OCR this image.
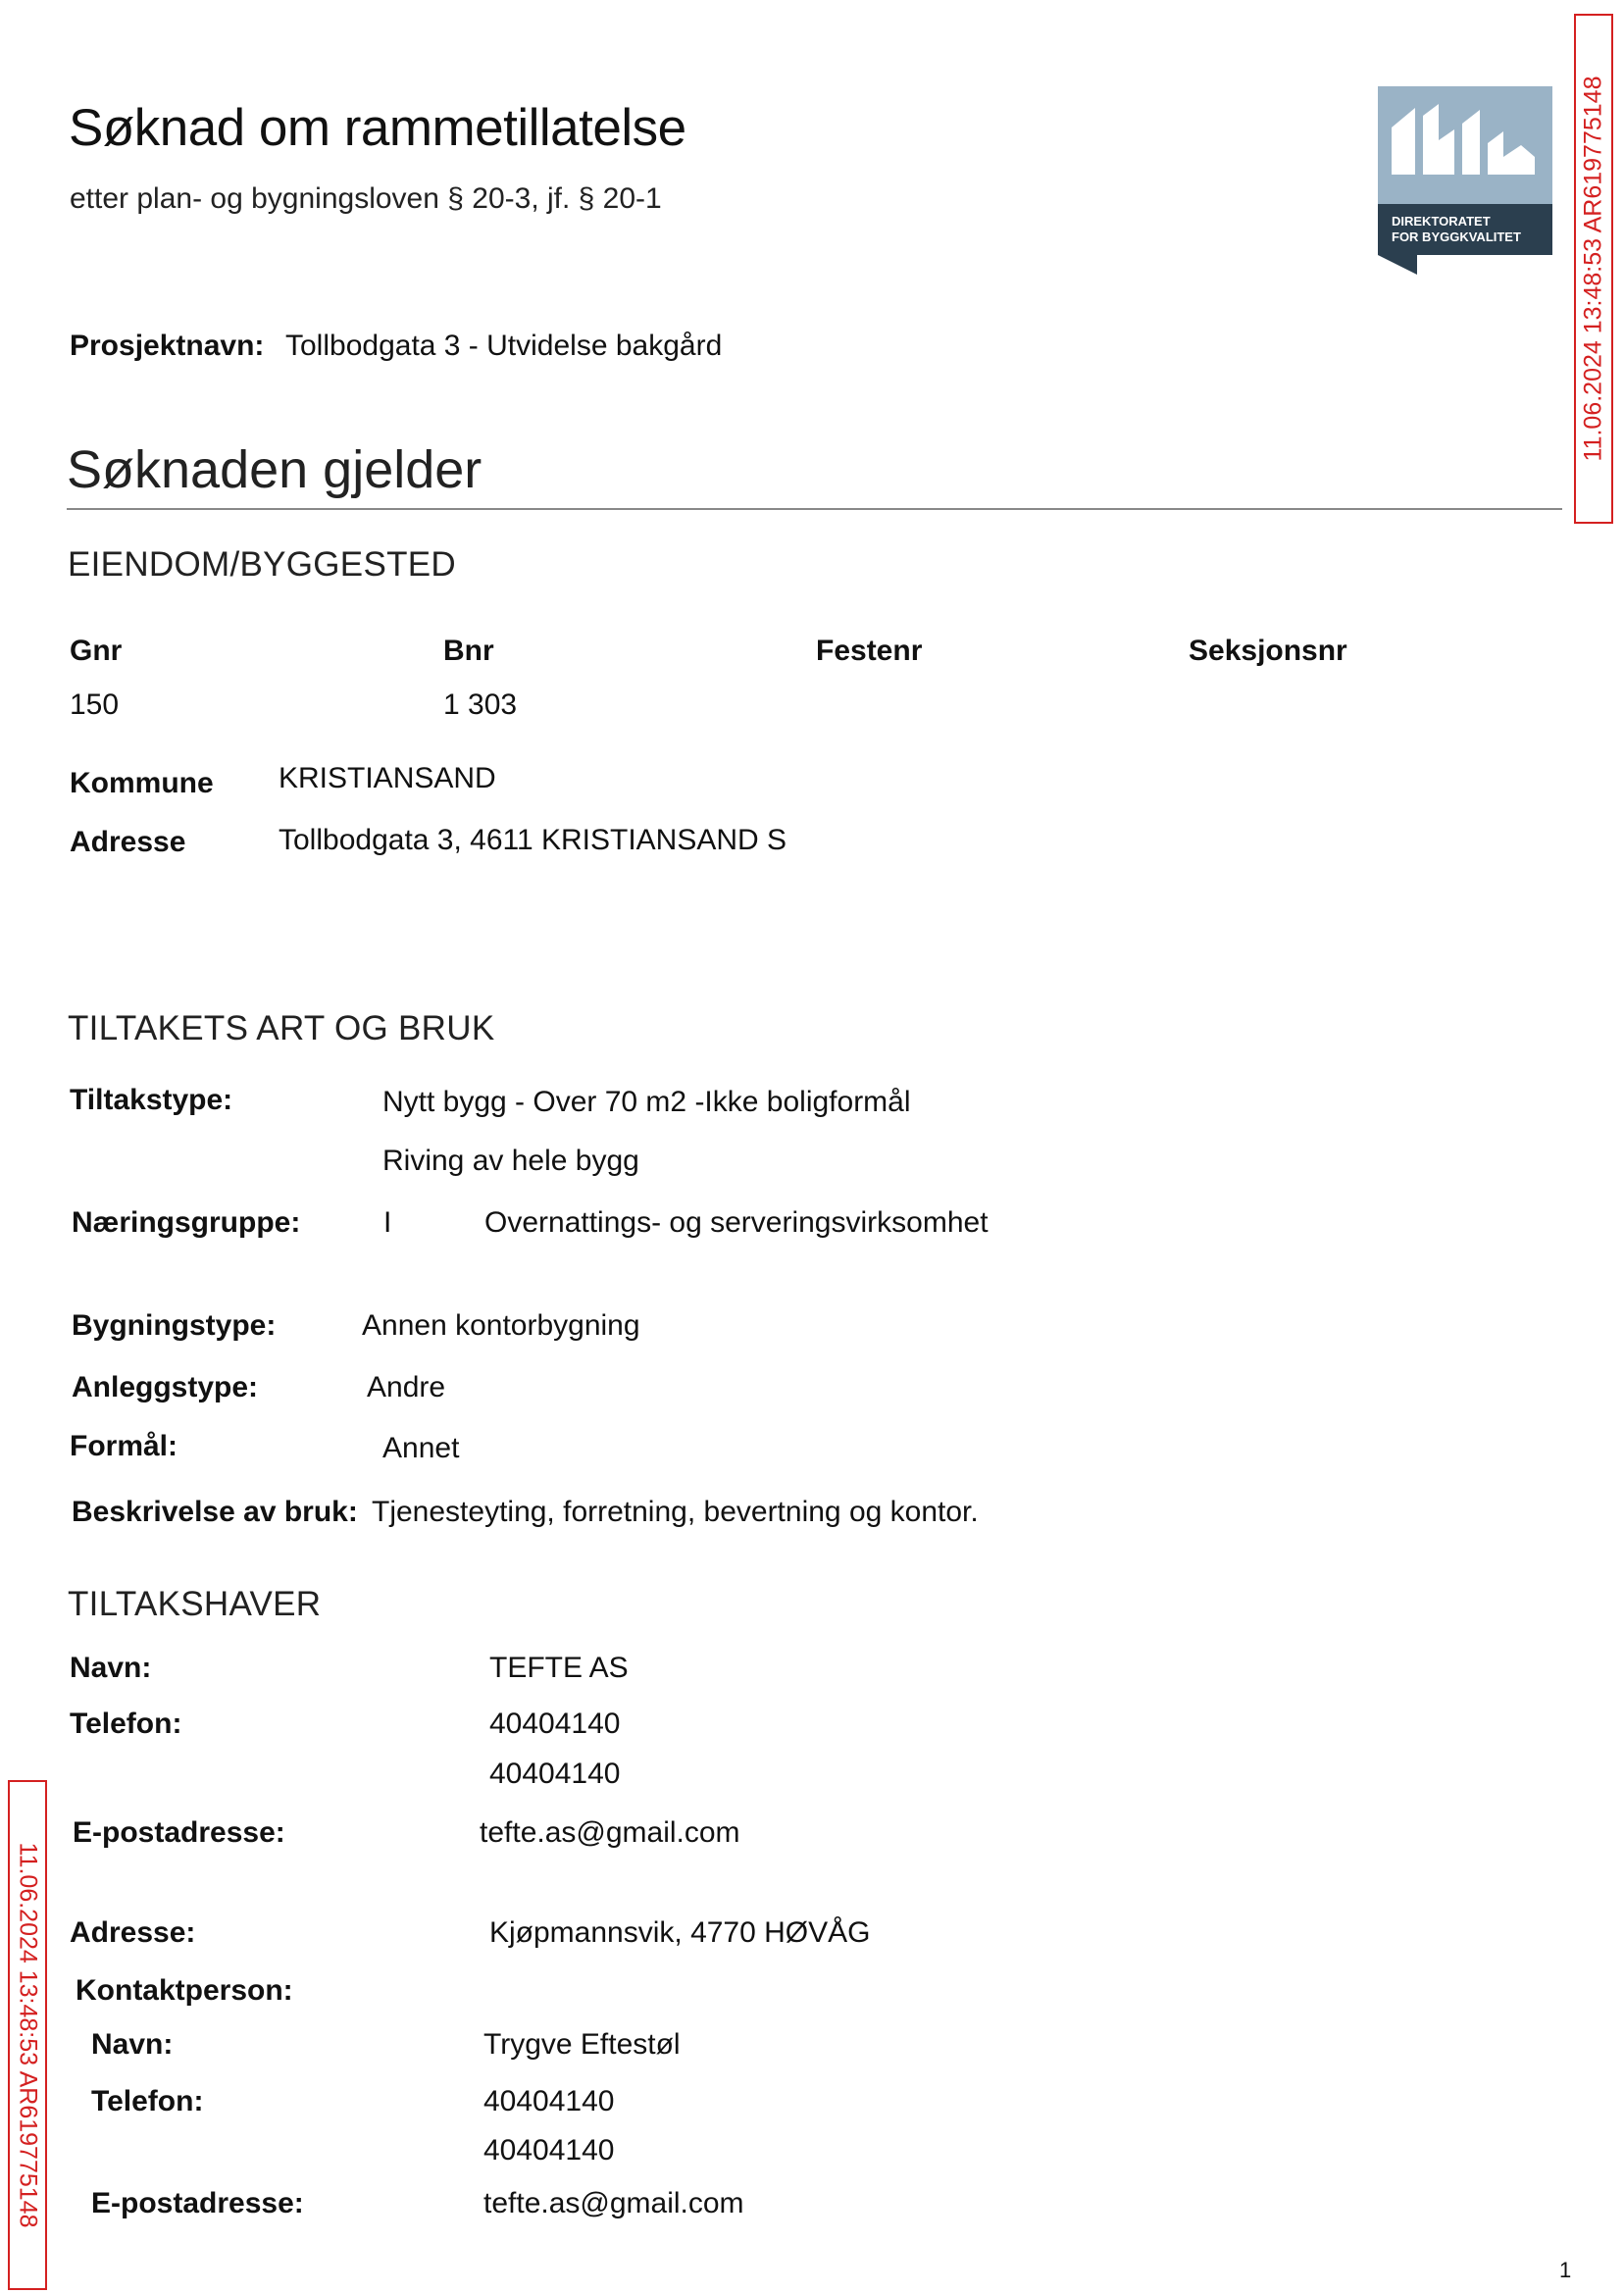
Søknad om rammetillatelse
etter plan- og bygningsloven § 20-3, jf. § 20-1
DIREKTORATET
FOR BYGGKVALITET 11.06.2024 13:48:53 AR619775148
11.06.2024 13:48:53 AR619775148
Prosjektnavn: Tollbodgata 3 - Utvidelse bakgård
Søknaden gjelder
EIENDOM/BYGGESTED
Gnr	Bnr	Festenr	Seksjonsnr
150	1 303
Kommune KRISTIANSAND
Adresse	Tollbodgata 3, 4611 KRISTIANSAND S
TILTAKETS ART OG BRUK
Tiltakstype:	Nytt bygg - Over 70 m2 -Ikke boligformål
Riving av hele bygg
Næringsgruppe:	I	Overnattings- og serveringsvirksomhet
Bygningstype:	Annen kontorbygning
Anleggstype:	Andre
Formål:	Annet
Beskrivelse av bruk: Tjenesteyting, forretning, bevertning og kontor.
TILTAKSHAVER
Navn:	TEFTE AS
Telefon:	40404140
40404140
E-postadresse:	tefte.as@gmail.com
Adresse:	Kjøpmannsvik, 4770 HØVÅG
Kontaktperson:
Navn:	Trygve Eftestøl
Telefon:	40404140
40404140
E-postadresse:	tefte.as@gmail.com
1
